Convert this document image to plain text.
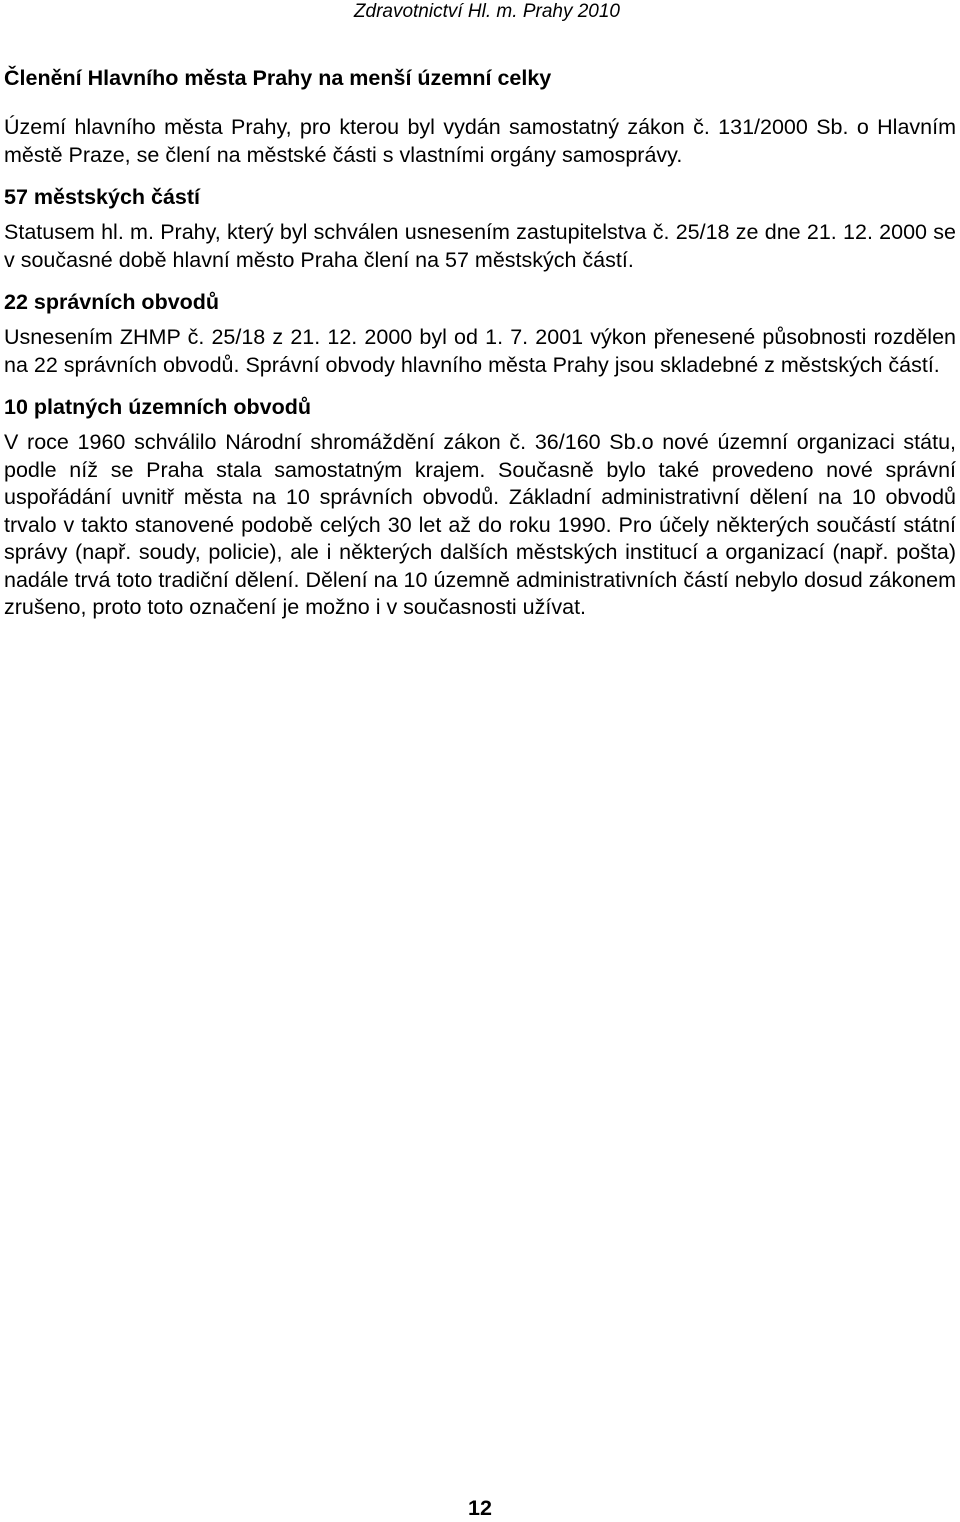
Zdravotnictví Hl. m. Prahy 2010
Členění Hlavního města Prahy na menší územní celky

Území hlavního města Prahy, pro kterou byl vydán samostatný zákon č. 131/2000 Sb. o Hlavním městě Praze, se člení na městské části s vlastními orgány samosprávy.

57 městských částí

Statusem hl. m. Prahy, který byl schválen usnesením zastupitelstva č. 25/18 ze dne 21. 12. 2000 se v současné době hlavní město Praha člení na 57 městských částí.

22 správních obvodů

Usnesením ZHMP č. 25/18 z 21. 12. 2000 byl od 1. 7. 2001 výkon přenesené působnosti rozdělen na 22 správních obvodů. Správní obvody hlavního města Prahy jsou skladebné z městských částí.

10 platných územních obvodů

V roce 1960 schválilo Národní shromáždění zákon č. 36/160 Sb.o nové územní organizaci státu, podle níž se Praha stala samostatným krajem. Současně bylo také provedeno nové správní uspořádání uvnitř města na 10 správních obvodů. Základní administrativní dělení na 10 obvodů trvalo v takto stanovené podobě celých 30 let až do roku 1990. Pro účely některých součástí státní správy (např. soudy, policie), ale i některých dalších městských institucí a organizací (např. pošta) nadále trvá toto tradiční dělení. Dělení na 10 územně administrativních částí nebylo dosud zákonem zrušeno, proto toto označení je možno i v současnosti užívat.

12
